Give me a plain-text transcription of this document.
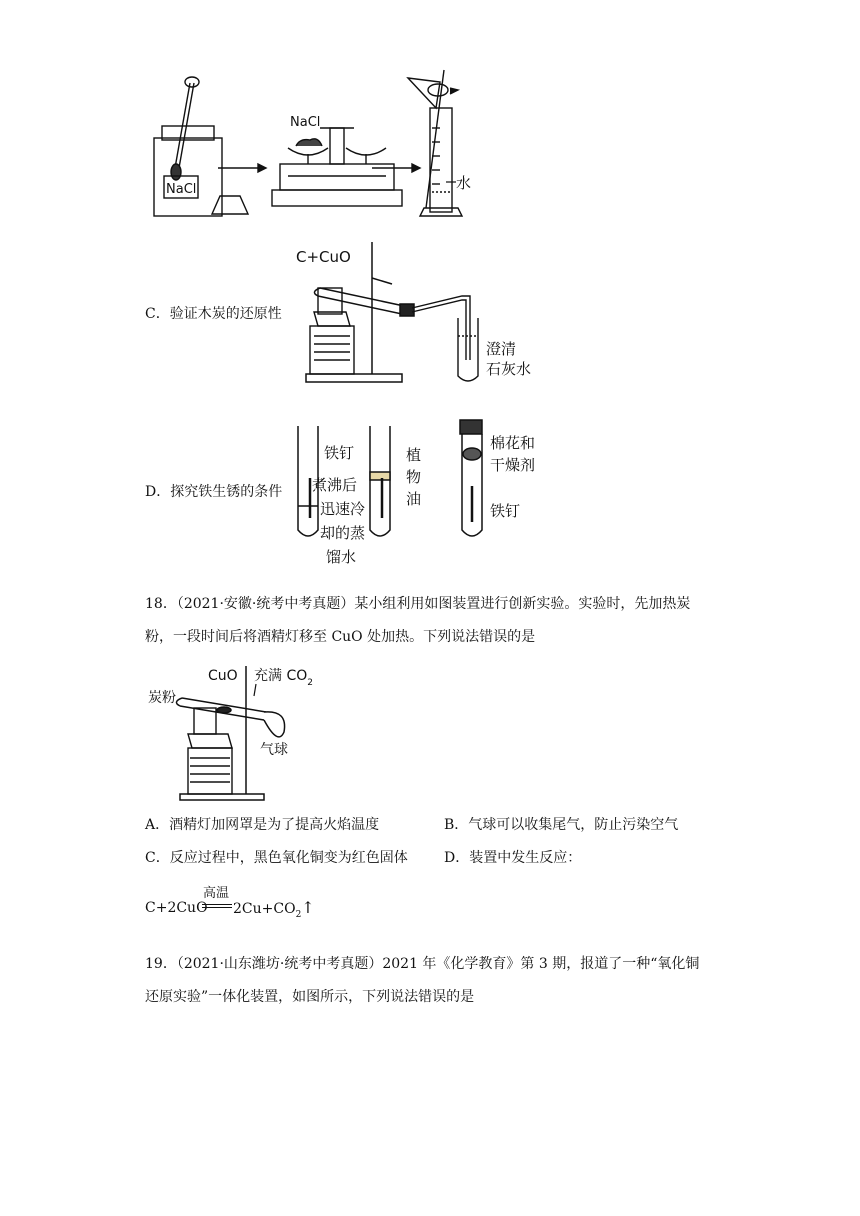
NaCl
NaCl
水
C．验证木炭的还原性
C+CuO
澄清
石灰水
D．探究铁生锈的条件
铁钉
煮沸后
迅速冷
却的蒸
馏水
植
物
油
棉花和
干燥剂
铁钉
18．（2021·安徽·统考中考真题）某小组利用如图装置进行创新实验。实验时，先加热炭
粉，一段时间后将酒精灯移至 CuO 处加热。下列说法错误的是
CuO 充满 $CO_2$
炭粉
气球
A．酒精灯加网罩是为了提高火焰温度	B．气球可以收集尾气，防止污染空气
C．反应过程中，黑色氧化铜变为红色固体	D．装置中发生反应：
C+2CuO
高温
$2Cu+CO_2↑$
19．（2021·山东潍坊·统考中考真题）2021 年《化学教育》第 3 期，报道了一种“氧化铜
还原实验”一体化装置，如图所示，下列说法错误的是
